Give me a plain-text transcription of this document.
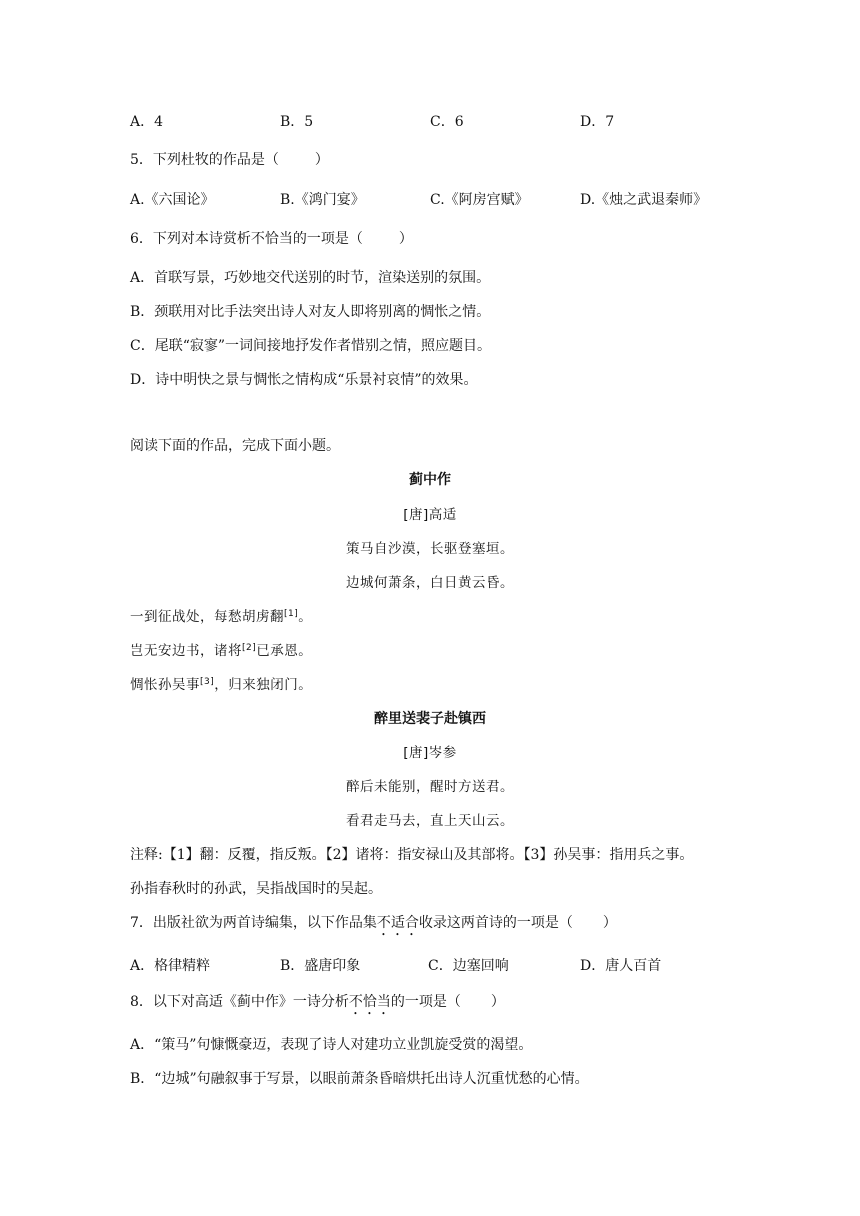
A．4	B．5	C．6	D．7
5．下列杜牧的作品是（	）
A.《六国论》	B.《鸿门宴》	C.《阿房宫赋》	D.《烛之武退秦师》
6．下列对本诗赏析不恰当的一项是（	）
A．首联写景，巧妙地交代送别的时节，渲染送别的氛围。
B．颈联用对比手法突出诗人对友人即将别离的惆怅之情。
C．尾联“寂寥”一词间接地抒发作者惜别之情，照应题目。
D．诗中明快之景与惆怅之情构成“乐景衬哀情”的效果。
阅读下面的作品，完成下面小题。
蓟中作
[唐]高适
策马自沙漠，长驱登塞垣。
边城何萧条，白日黄云昏。
一到征战处，每愁胡虏翻[1]。
岂无安边书，诸将[2]已承恩。
惆怅孙吴事[3]，归来独闭门。
醉里送裴子赴镇西
[唐]岑参
醉后未能别，醒时方送君。
看君走马去，直上天山云。
注释:【1】翻：反覆，指反叛。【2】诸将：指安禄山及其部将。【3】孙吴事：指用兵之事。
孙指春秋时的孙武，吴指战国时的吴起。
7．出版社欲为两首诗编集，以下作品集不适合收录这两首诗的一项是（ ）
A．格律精粹	B．盛唐印象	C．边塞回响	D．唐人百首
8．以下对高适《蓟中作》一诗分析不恰当的一项是（ ）
A．“策马”句慷慨豪迈，表现了诗人对建功立业凯旋受赏的渴望。
B．“边城”句融叙事于写景，以眼前萧条昏暗烘托出诗人沉重忧愁的心情。
